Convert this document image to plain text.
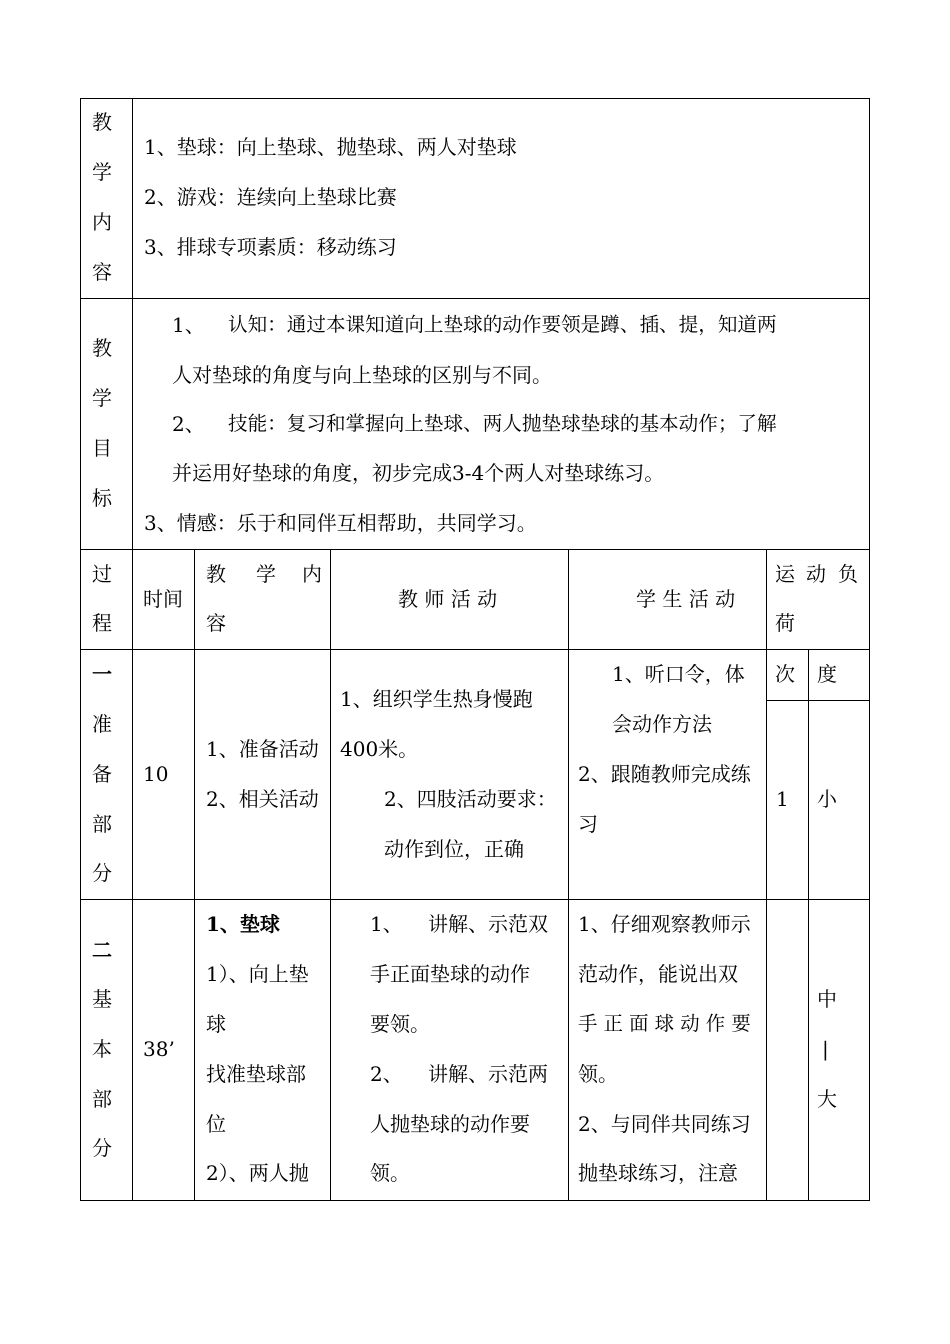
教
学
内
容
1、垫球：向上垫球、抛垫球、两人对垫球
2、游戏：连续向上垫球比赛
3、排球专项素质：移动练习
教
学
目
标
1、 认知：通过本课知道向上垫球的动作要领是蹲、插、提，知道两
人对垫球的角度与向上垫球的区别与不同。
2、 技能：复习和掌握向上垫球、两人抛垫球垫球的基本动作；了解
并运用好垫球的角度，初步完成3-4个两人对垫球练习。
3、情感：乐于和同伴互相帮助，共同学习。
过
程
时间
教 学 内
容
教 师 活 动	学 生 活 动
运 动 负
荷
次 度
一
准
备
部
分
10
1、准备活动
2、相关活动
1、组织学生热身慢跑
400米。
2、四肢活动要求：
动作到位，正确
1、听口令，体
会动作方法
2、跟随教师完成练
习
1 小
二
基
本
部
分
38’
1、垫球
1）、向上垫
球
找准垫球部
位
2）、两人抛
1、 讲解、示范双
手正面垫球的动作
要领。
2、 讲解、示范两
人抛垫球的动作要
领。
1、仔细观察教师示
范动作，能说出双
手 正 面 球 动 作 要
领。
2、与同伴共同练习
抛垫球练习，注意
中
|
大
